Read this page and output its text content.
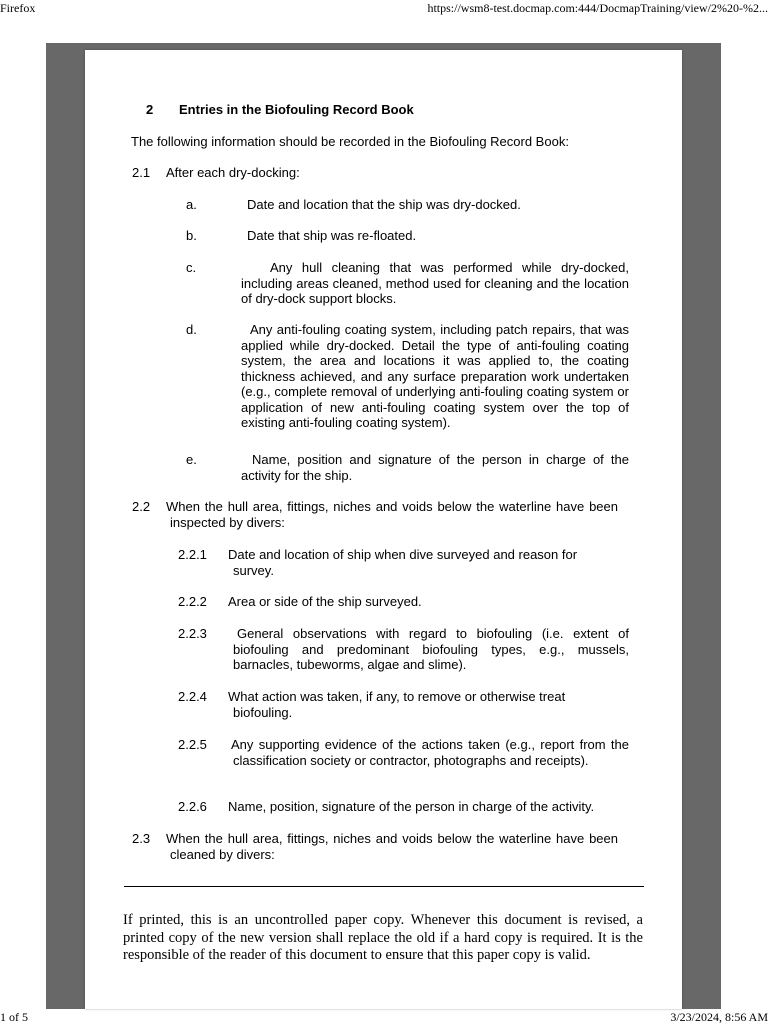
Firefox	https://wsm8-test.docmap.com:444/DocmapTraining/view/2%20-%2...
2 Entries in the Biofouling Record Book
The following information should be recorded in the Biofouling Record Book:
2.1 After each dry-docking:
a.	Date and location that the ship was dry-docked.
b.	Date that ship was re-floated.
c.	Any hull cleaning that was performed while dry-docked, including areas cleaned, method used for cleaning and the location of dry-dock support blocks.
d.	Any anti-fouling coating system, including patch repairs, that was applied while dry-docked. Detail the type of anti-fouling coating system, the area and locations it was applied to, the coating thickness achieved, and any surface preparation work undertaken (e.g., complete removal of underlying anti-fouling coating system or application of new anti-fouling coating system over the top of existing anti-fouling coating system).
e.	Name, position and signature of the person in charge of the activity for the ship.
2.2 When the hull area, fittings, niches and voids below the waterline have been inspected by divers:
2.2.1 Date and location of ship when dive surveyed and reason for survey.
2.2.2 Area or side of the ship surveyed.
2.2.3	General observations with regard to biofouling (i.e. extent of biofouling and predominant biofouling types, e.g., mussels, barnacles, tubeworms, algae and slime).
2.2.4 What action was taken, if any, to remove or otherwise treat biofouling.
2.2.5 Any supporting evidence of the actions taken (e.g., report from the classification society or contractor, photographs and receipts).
2.2.6 Name, position, signature of the person in charge of the activity.
2.3 When the hull area, fittings, niches and voids below the waterline have been cleaned by divers:
If printed, this is an uncontrolled paper copy. Whenever this document is revised, a printed copy of the new version shall replace the old if a hard copy is required. It is the responsible of the reader of this document to ensure that this paper copy is valid.
1 of 5	3/23/2024, 8:56 AM
